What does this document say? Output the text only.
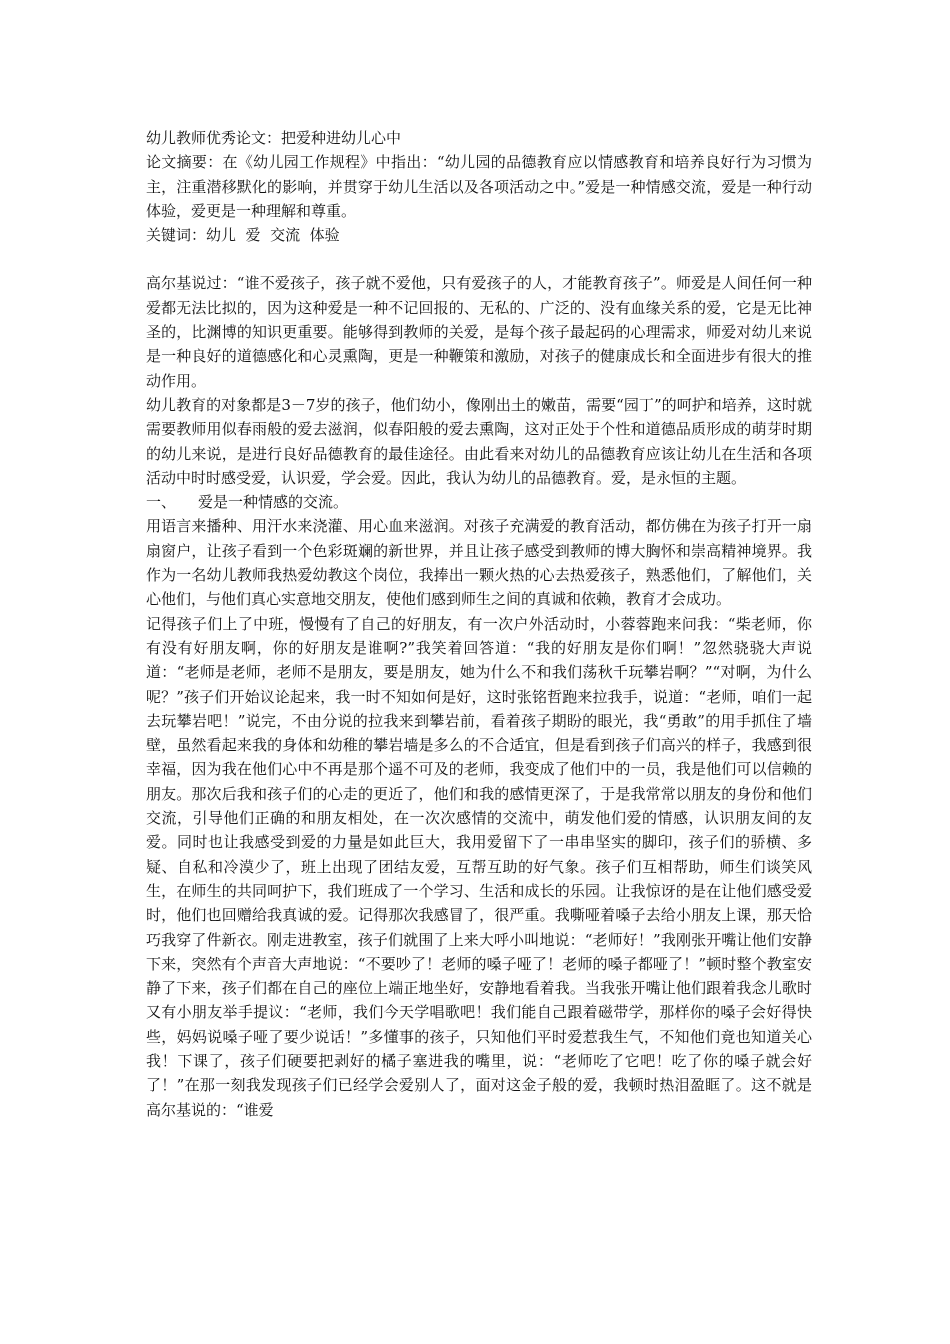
幼儿教师优秀论文：把爱种进幼儿心中

论文摘要：在《幼儿园工作规程》中指出：“幼儿园的品德教育应以情感教育和培养良好行为习惯为主，注重潜移默化的影响，并贯穿于幼儿生活以及各项活动之中。”爱是一种情感交流，爱是一种行动体验，爱更是一种理解和尊重。

关键词：幼儿  爱  交流  体验

高尔基说过：“谁不爱孩子，孩子就不爱他，只有爱孩子的人，才能教育孩子”。师爱是人间任何一种爱都无法比拟的，因为这种爱是一种不记回报的、无私的、广泛的、没有血缘关系的爱，它是无比神圣的，比渊博的知识更重要。能够得到教师的关爱，是每个孩子最起码的心理需求，师爱对幼儿来说是一种良好的道德感化和心灵熏陶，更是一种鞭策和激励，对孩子的健康成长和全面进步有很大的推动作用。

幼儿教育的对象都是3－7岁的孩子，他们幼小，像刚出土的嫩苗，需要“园丁”的呵护和培养，这时就需要教师用似春雨般的爱去滋润，似春阳般的爱去熏陶，这对正处于个性和道德品质形成的萌芽时期的幼儿来说，是进行良好品德教育的最佳途径。由此看来对幼儿的品德教育应该让幼儿在生活和各项活动中时时感受爱，认识爱，学会爱。因此，我认为幼儿的品德教育。爱，是永恒的主题。

一、 爱是一种情感的交流。

用语言来播种、用汗水来浇灌、用心血来滋润。对孩子充满爱的教育活动，都仿佛在为孩子打开一扇扇窗户，让孩子看到一个色彩斑斓的新世界，并且让孩子感受到教师的博大胸怀和崇高精神境界。我作为一名幼儿教师我热爱幼教这个岗位，我捧出一颗火热的心去热爱孩子，熟悉他们，了解他们，关心他们，与他们真心实意地交朋友，使他们感到师生之间的真诚和依赖，教育才会成功。

记得孩子们上了中班，慢慢有了自己的好朋友，有一次户外活动时，小蓉蓉跑来问我：“柴老师，你有没有好朋友啊，你的好朋友是谁啊?”我笑着回答道：“我的好朋友是你们啊！”忽然骁骁大声说道：“老师是老师，老师不是朋友，要是朋友，她为什么不和我们荡秋千玩攀岩啊？”“对啊，为什么呢？”孩子们开始议论起来，我一时不知如何是好，这时张铭哲跑来拉我手，说道：“老师，咱们一起去玩攀岩吧！”说完，不由分说的拉我来到攀岩前，看着孩子期盼的眼光，我“勇敢”的用手抓住了墙壁，虽然看起来我的身体和幼稚的攀岩墙是多么的不合适宜，但是看到孩子们高兴的样子，我感到很幸福，因为我在他们心中不再是那个遥不可及的老师，我变成了他们中的一员，我是他们可以信赖的朋友。那次后我和孩子们的心走的更近了，他们和我的感情更深了，于是我常常以朋友的身份和他们交流，引导他们正确的和朋友相处，在一次次感情的交流中，萌发他们爱的情感，认识朋友间的友爱。同时也让我感受到爱的力量是如此巨大，我用爱留下了一串串坚实的脚印，孩子们的骄横、多疑、自私和冷漠少了，班上出现了团结友爱，互帮互助的好气象。孩子们互相帮助，师生们谈笑风生，在师生的共同呵护下，我们班成了一个学习、生活和成长的乐园。让我惊讶的是在让他们感受爱时，他们也回赠给我真诚的爱。记得那次我感冒了，很严重。我嘶哑着嗓子去给小朋友上课，那天恰巧我穿了件新衣。刚走进教室，孩子们就围了上来大呼小叫地说：“老师好！”我刚张开嘴让他们安静下来，突然有个声音大声地说：“不要吵了！老师的嗓子哑了！老师的嗓子都哑了！”顿时整个教室安静了下来，孩子们都在自己的座位上端正地坐好，安静地看着我。当我张开嘴让他们跟着我念儿歌时又有小朋友举手提议：“老师，我们今天学唱歌吧！我们能自己跟着磁带学，那样你的嗓子会好得快些，妈妈说嗓子哑了要少说话！”多懂事的孩子，只知他们平时爱惹我生气，不知他们竟也知道关心我！下课了，孩子们硬要把剥好的橘子塞进我的嘴里，说：“老师吃了它吧！吃了你的嗓子就会好了！”在那一刻我发现孩子们已经学会爱别人了，面对这金子般的爱，我顿时热泪盈眶了。这不就是高尔基说的：“谁爱
